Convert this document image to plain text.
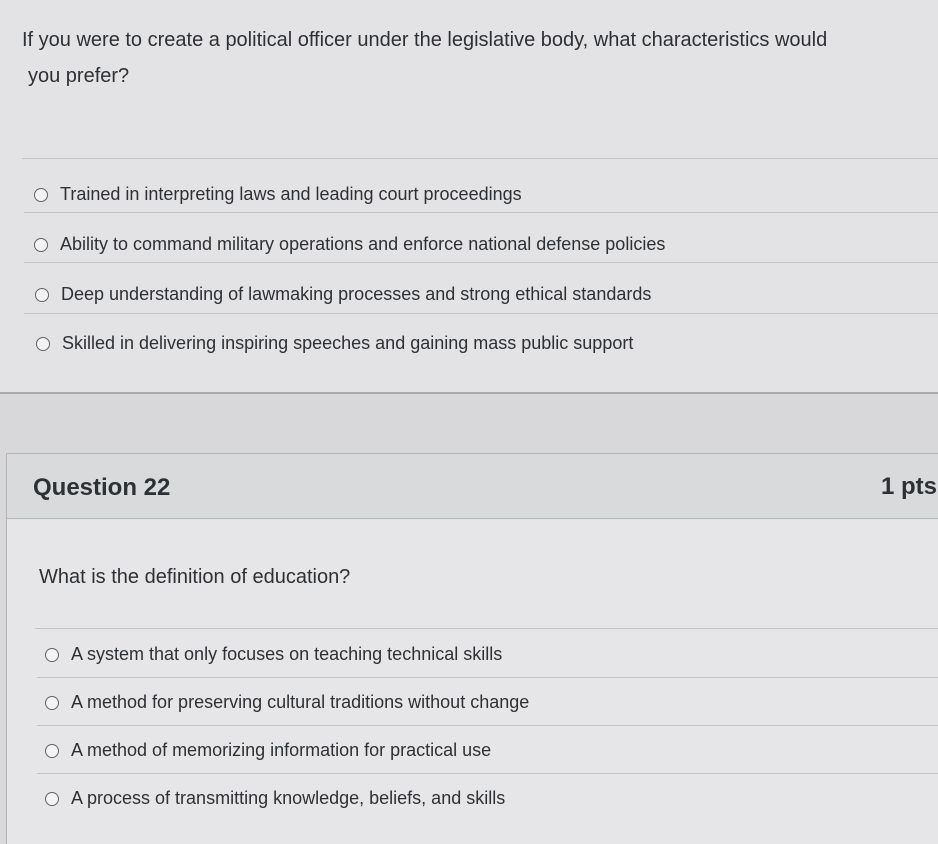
If you were to create a political officer under the legislative body, what characteristics would
you prefer?
Trained in interpreting laws and leading court proceedings
Ability to command military operations and enforce national defense policies
Deep understanding of lawmaking processes and strong ethical standards
Skilled in delivering inspiring speeches and gaining mass public support
Question 22	1 pts
What is the definition of education?
A system that only focuses on teaching technical skills
A method for preserving cultural traditions without change
A method of memorizing information for practical use
A process of transmitting knowledge, beliefs, and skills
